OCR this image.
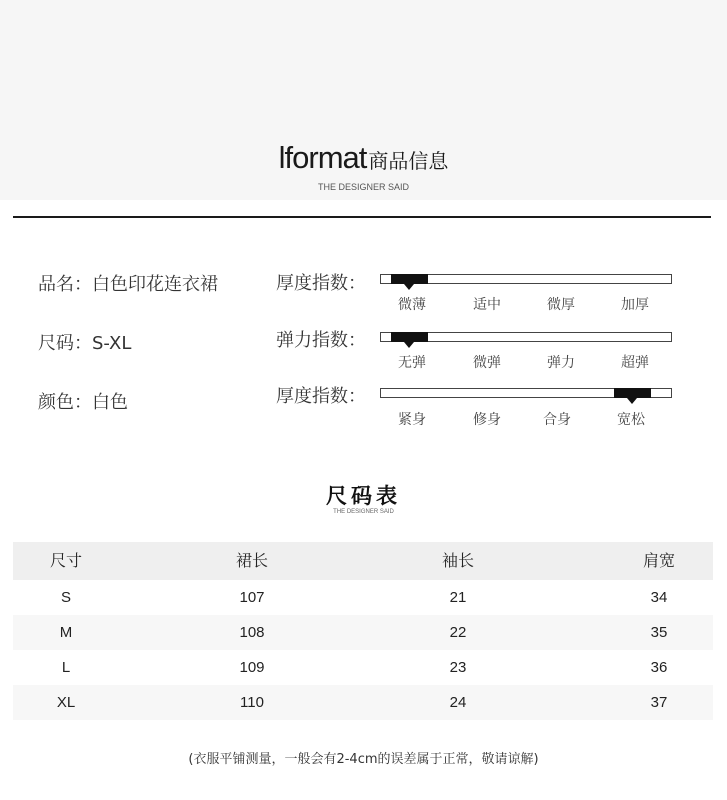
lformat 商品信息
THE DESIGNER SAID
品名：白色印花连衣裙
尺码：S-XL
颜色：白色
厚度指数：
微薄	适中	微厚	加厚
弹力指数：
无弹	微弹	弹力	超弹
厚度指数：
紧身	修身	合身	宽松
尺码表
THE DESIGNER SAID
尺寸	裙长	袖长	肩宽
S	107	21	34
M	108	22	35
L	109	23	36
XL	110	24	37
(衣服平铺测量，一般会有2-4cm的误差属于正常，敬请谅解)
